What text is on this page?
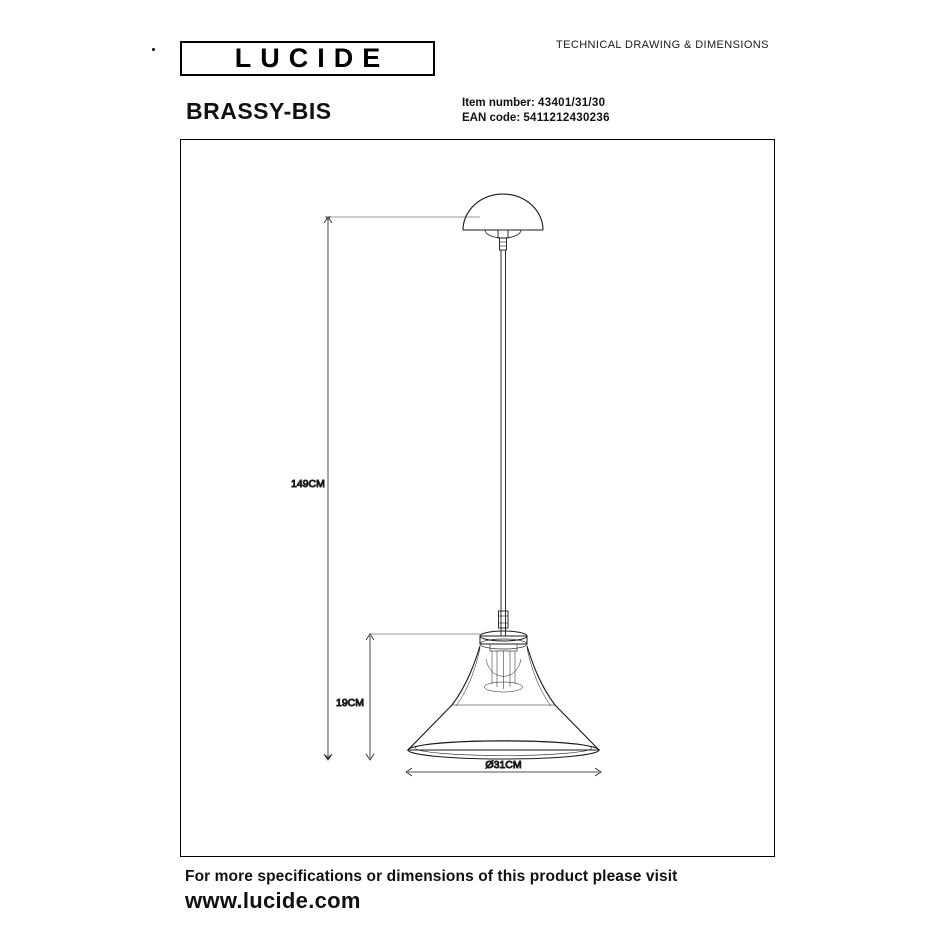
LUCIDE	TECHNICAL DRAWING & DIMENSIONS
BRASSY-BIS	Item number: 43401/31/30
EAN code: 5411212430236
149CM
19CM
Ø31CM
For more specifications or dimensions of this product please visit
www.lucide.com
